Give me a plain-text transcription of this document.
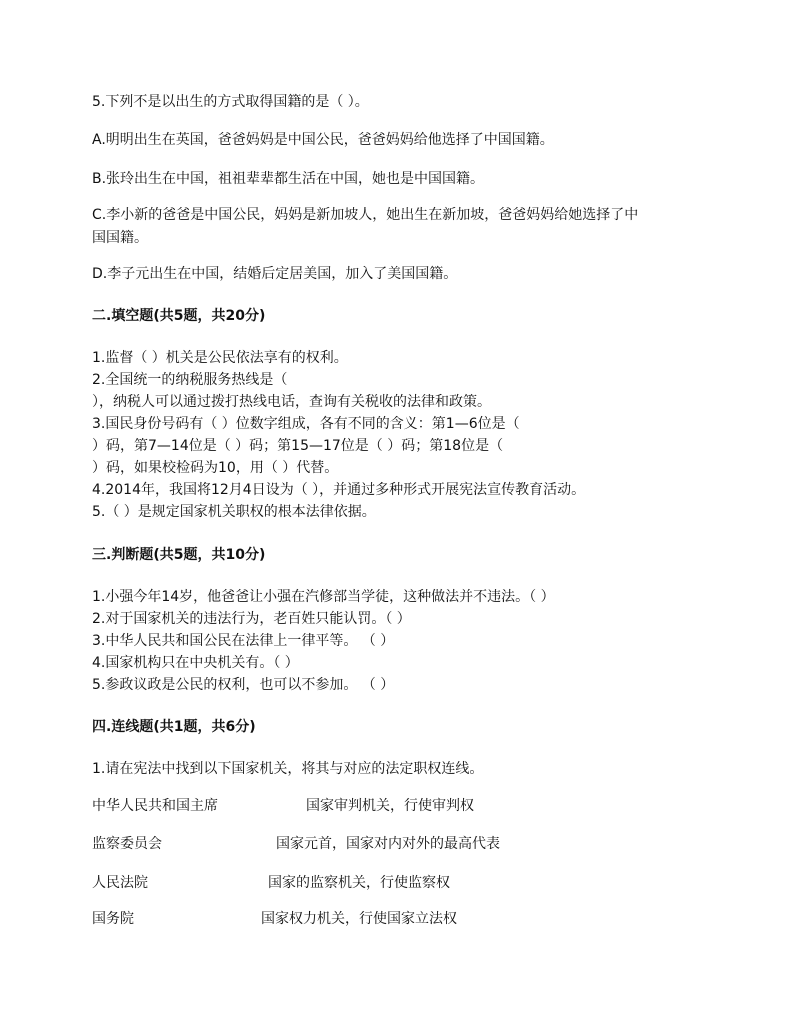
5.下列不是以出生的方式取得国籍的是（ ）。
A.明明出生在英国，爸爸妈妈是中国公民，爸爸妈妈给他选择了中国国籍。
B.张玲出生在中国，祖祖辈辈都生活在中国，她也是中国国籍。
C.李小新的爸爸是中国公民，妈妈是新加坡人，她出生在新加坡，爸爸妈妈给她选择了中
国国籍。
D.李子元出生在中国，结婚后定居美国，加入了美国国籍。
二.填空题(共5题，共20分)
1.监督（ ）机关是公民依法享有的权利。
2.全国统一的纳税服务热线是（
），纳税人可以通过拨打热线电话，查询有关税收的法律和政策。
3.国民身份号码有（ ）位数字组成，各有不同的含义：第1—6位是（
）码，第7—14位是（ ）码；第15—17位是（ ）码；第18位是（
）码，如果校检码为10，用（ ）代替。
4.2014年，我国将12月4日设为（ ），并通过多种形式开展宪法宣传教育活动。
5.（ ）是规定国家机关职权的根本法律依据。
三.判断题(共5题，共10分)
1.小强今年14岁，他爸爸让小强在汽修部当学徒，这种做法并不违法。（ ）
2.对于国家机关的违法行为，老百姓只能认罚。（ ）
3.中华人民共和国公民在法律上一律平等。 （ ）
4.国家机构只在中央机关有。（ ）
5.参政议政是公民的权利，也可以不参加。 （ ）
四.连线题(共1题，共6分)
1.请在宪法中找到以下国家机关，将其与对应的法定职权连线。
中华人民共和国主席	国家审判机关，行使审判权
监察委员会	国家元首，国家对内对外的最高代表
人民法院	国家的监察机关，行使监察权
国务院	国家权力机关，行使国家立法权
